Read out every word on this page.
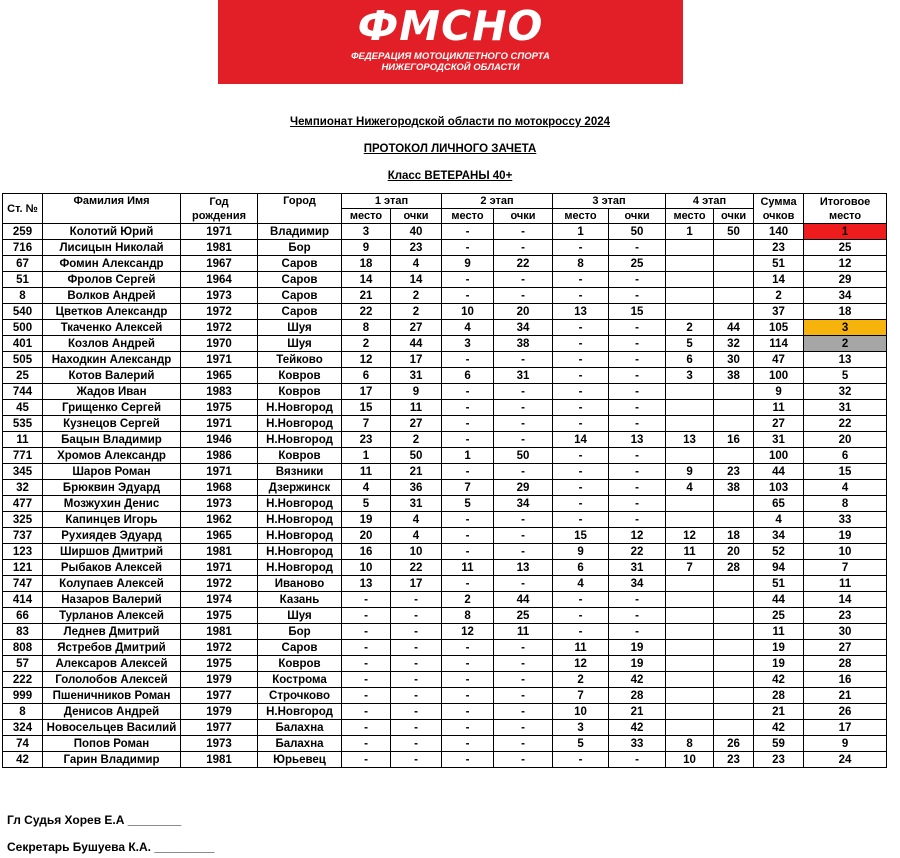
ФМСНО
ФЕДЕРАЦИЯ МОТОЦИКЛЕТНОГО СПОРТА
НИЖЕГОРОДСКОЙ ОБЛАСТИ
Чемпионат Нижегородской области по мотокроссу 2024
ПРОТОКОЛ ЛИЧНОГО ЗАЧЕТА
Класс ВЕТЕРАНЫ 40+
Ст. №	Фамилия Имя	Год рождения	Город	1 этап		2 этап		3 этап		4 этап		Сумма очков	Итоговое место
				место	очки	место	очки	место	очки	место	очки		
259	Колотий Юрий	1971	Владимир	3	40	-	-	1	50	1	50	140	1
716	Лисицын Николай	1981	Бор	9	23	-	-	-	-			23	25
67	Фомин Александр	1967	Саров	18	4	9	22	8	25			51	12
51	Фролов Сергей	1964	Саров	14	14	-	-	-	-			14	29
8	Волков Андрей	1973	Саров	21	2	-	-	-	-			2	34
540	Цветков Александр	1972	Саров	22	2	10	20	13	15			37	18
500	Ткаченко Алексей	1972	Шуя	8	27	4	34	-	-	2	44	105	3
401	Козлов Андрей	1970	Шуя	2	44	3	38	-	-	5	32	114	2
505	Находкин Александр	1971	Тейково	12	17	-	-	-	-	6	30	47	13
25	Котов Валерий	1965	Ковров	6	31	6	31	-	-	3	38	100	5
744	Жадов Иван	1983	Ковров	17	9	-	-	-	-			9	32
45	Грищенко Сергей	1975	Н.Новгород	15	11	-	-	-	-			11	31
535	Кузнецов Сергей	1971	Н.Новгород	7	27	-	-	-	-			27	22
11	Бацын Владимир	1946	Н.Новгород	23	2	-	-	14	13	13	16	31	20
771	Хромов Александр	1986	Ковров	1	50	1	50	-	-			100	6
345	Шаров Роман	1971	Вязники	11	21	-	-	-	-	9	23	44	15
32	Брюквин Эдуард	1968	Дзержинск	4	36	7	29	-	-	4	38	103	4
477	Мозжухин Денис	1973	Н.Новгород	5	31	5	34	-	-			65	8
325	Капинцев Игорь	1962	Н.Новгород	19	4	-	-	-	-			4	33
737	Рухиядев Эдуард	1965	Н.Новгород	20	4	-	-	15	12	12	18	34	19
123	Ширшов Дмитрий	1981	Н.Новгород	16	10	-	-	9	22	11	20	52	10
121	Рыбаков Алексей	1971	Н.Новгород	10	22	11	13	6	31	7	28	94	7
747	Колупаев Алексей	1972	Иваново	13	17	-	-	4	34			51	11
414	Назаров Валерий	1974	Казань	-	-	2	44	-	-			44	14
66	Турланов Алексей	1975	Шуя	-	-	8	25	-	-			25	23
83	Леднев Дмитрий	1981	Бор	-	-	12	11	-	-			11	30
808	Ястребов Дмитрий	1972	Саров	-	-	-	-	11	19			19	27
57	Алексаров Алексей	1975	Ковров	-	-	-	-	12	19			19	28
222	Гололобов Алексей	1979	Кострома	-	-	-	-	2	42			42	16
999	Пшеничников Роман	1977	Строчково	-	-	-	-	7	28			28	21
8	Денисов Андрей	1979	Н.Новгород	-	-	-	-	10	21			21	26
324	Новосельцев Василий	1977	Балахна	-	-	-	-	3	42			42	17
74	Попов Роман	1973	Балахна	-	-	-	-	5	33	8	26	59	9
42	Гарин Владимир	1981	Юрьевец	-	-	-	-	-	-	10	23	23	24
Гл Судья Хорев Е.А ________
Секретарь Бушуева К.А. _________
